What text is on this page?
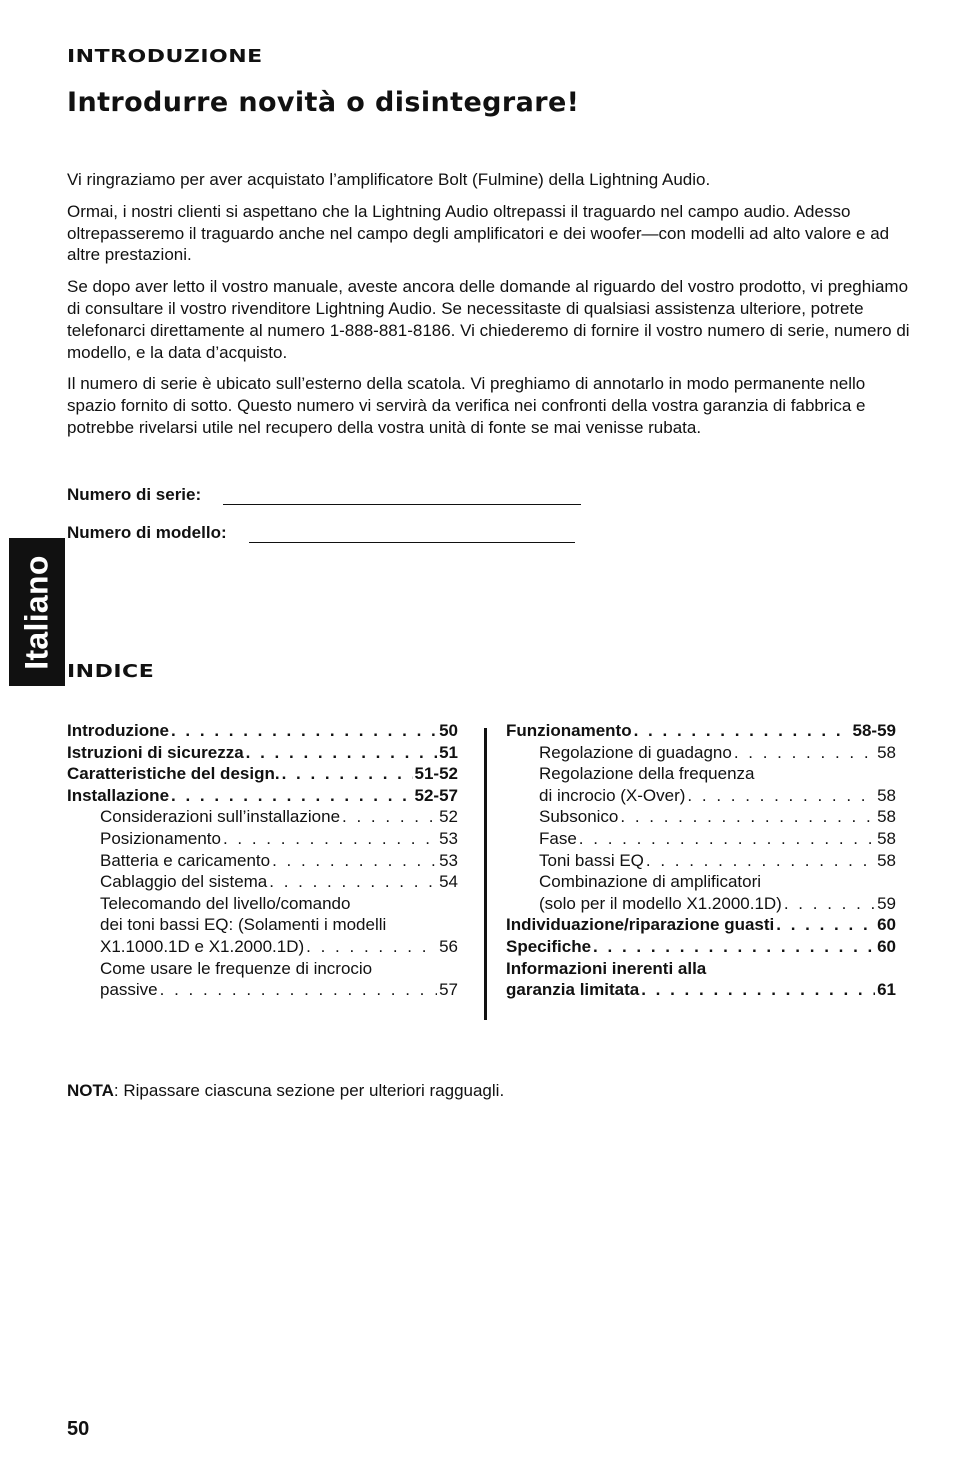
INTRODUZIONE
Introdurre novità o disintegrare!

Vi ringraziamo per aver acquistato l’amplificatore Bolt (Fulmine) della Lightning Audio.

Ormai, i nostri clienti si aspettano che la Lightning Audio oltrepassi il traguardo nel campo audio. Adesso oltrepasseremo il traguardo anche nel campo degli amplificatori e dei woofer—con modelli ad alto valore e ad altre prestazioni.

Se dopo aver letto il vostro manuale, aveste ancora delle domande al riguardo del vostro prodotto, vi preghiamo di consultare il vostro rivenditore Lightning Audio. Se necessitaste di qualsiasi assistenza ulteriore, potrete telefonarci direttamente al numero 1-888-881-8186. Vi chiederemo di fornire il vostro numero di serie, numero di modello, e la data d’acquisto.

Il numero di serie è ubicato sull’esterno della scatola. Vi preghiamo di annotarlo in modo permanente nello spazio fornito di sotto. Questo numero vi servirà da verifica nei confronti della vostra garanzia di fabbrica e potrebbe rivelarsi utile nel recupero della vostra unità di fonte se mai venisse rubata.

Numero di serie:
Numero di modello:
Italiano
INDICE
Introduzione . . .	50
Istruzioni di sicurezza . . .	51
Caratteristiche del design. . . .	51-52
Installazione . . .	52-57
Considerazioni sull’installazione . . .	52
Posizionamento . . .	53
Batteria e caricamento . . .	53
Cablaggio del sistema . . .	54
Telecomando del livello/comando
dei toni bassi EQ: (Solamenti i modelli
X1.1000.1D e X1.2000.1D) . . .	56
Come usare le frequenze di incrocio
passive . . .	57
Funzionamento . . .	58-59
Regolazione di guadagno . . .	58
Regolazione della frequenza
di incrocio (X-Over) . . .	58
Subsonico . . .	58
Fase . . .	58
Toni bassi EQ . . .	58
Combinazione di amplificatori
(solo per il modello X1.2000.1D) . . .	59
Individuazione/riparazione guasti . . .	60
Specifiche . . .	60
Informazioni inerenti alla
garanzia limitata . . .	61
NOTA: Ripassare ciascuna sezione per ulteriori ragguagli.
50
